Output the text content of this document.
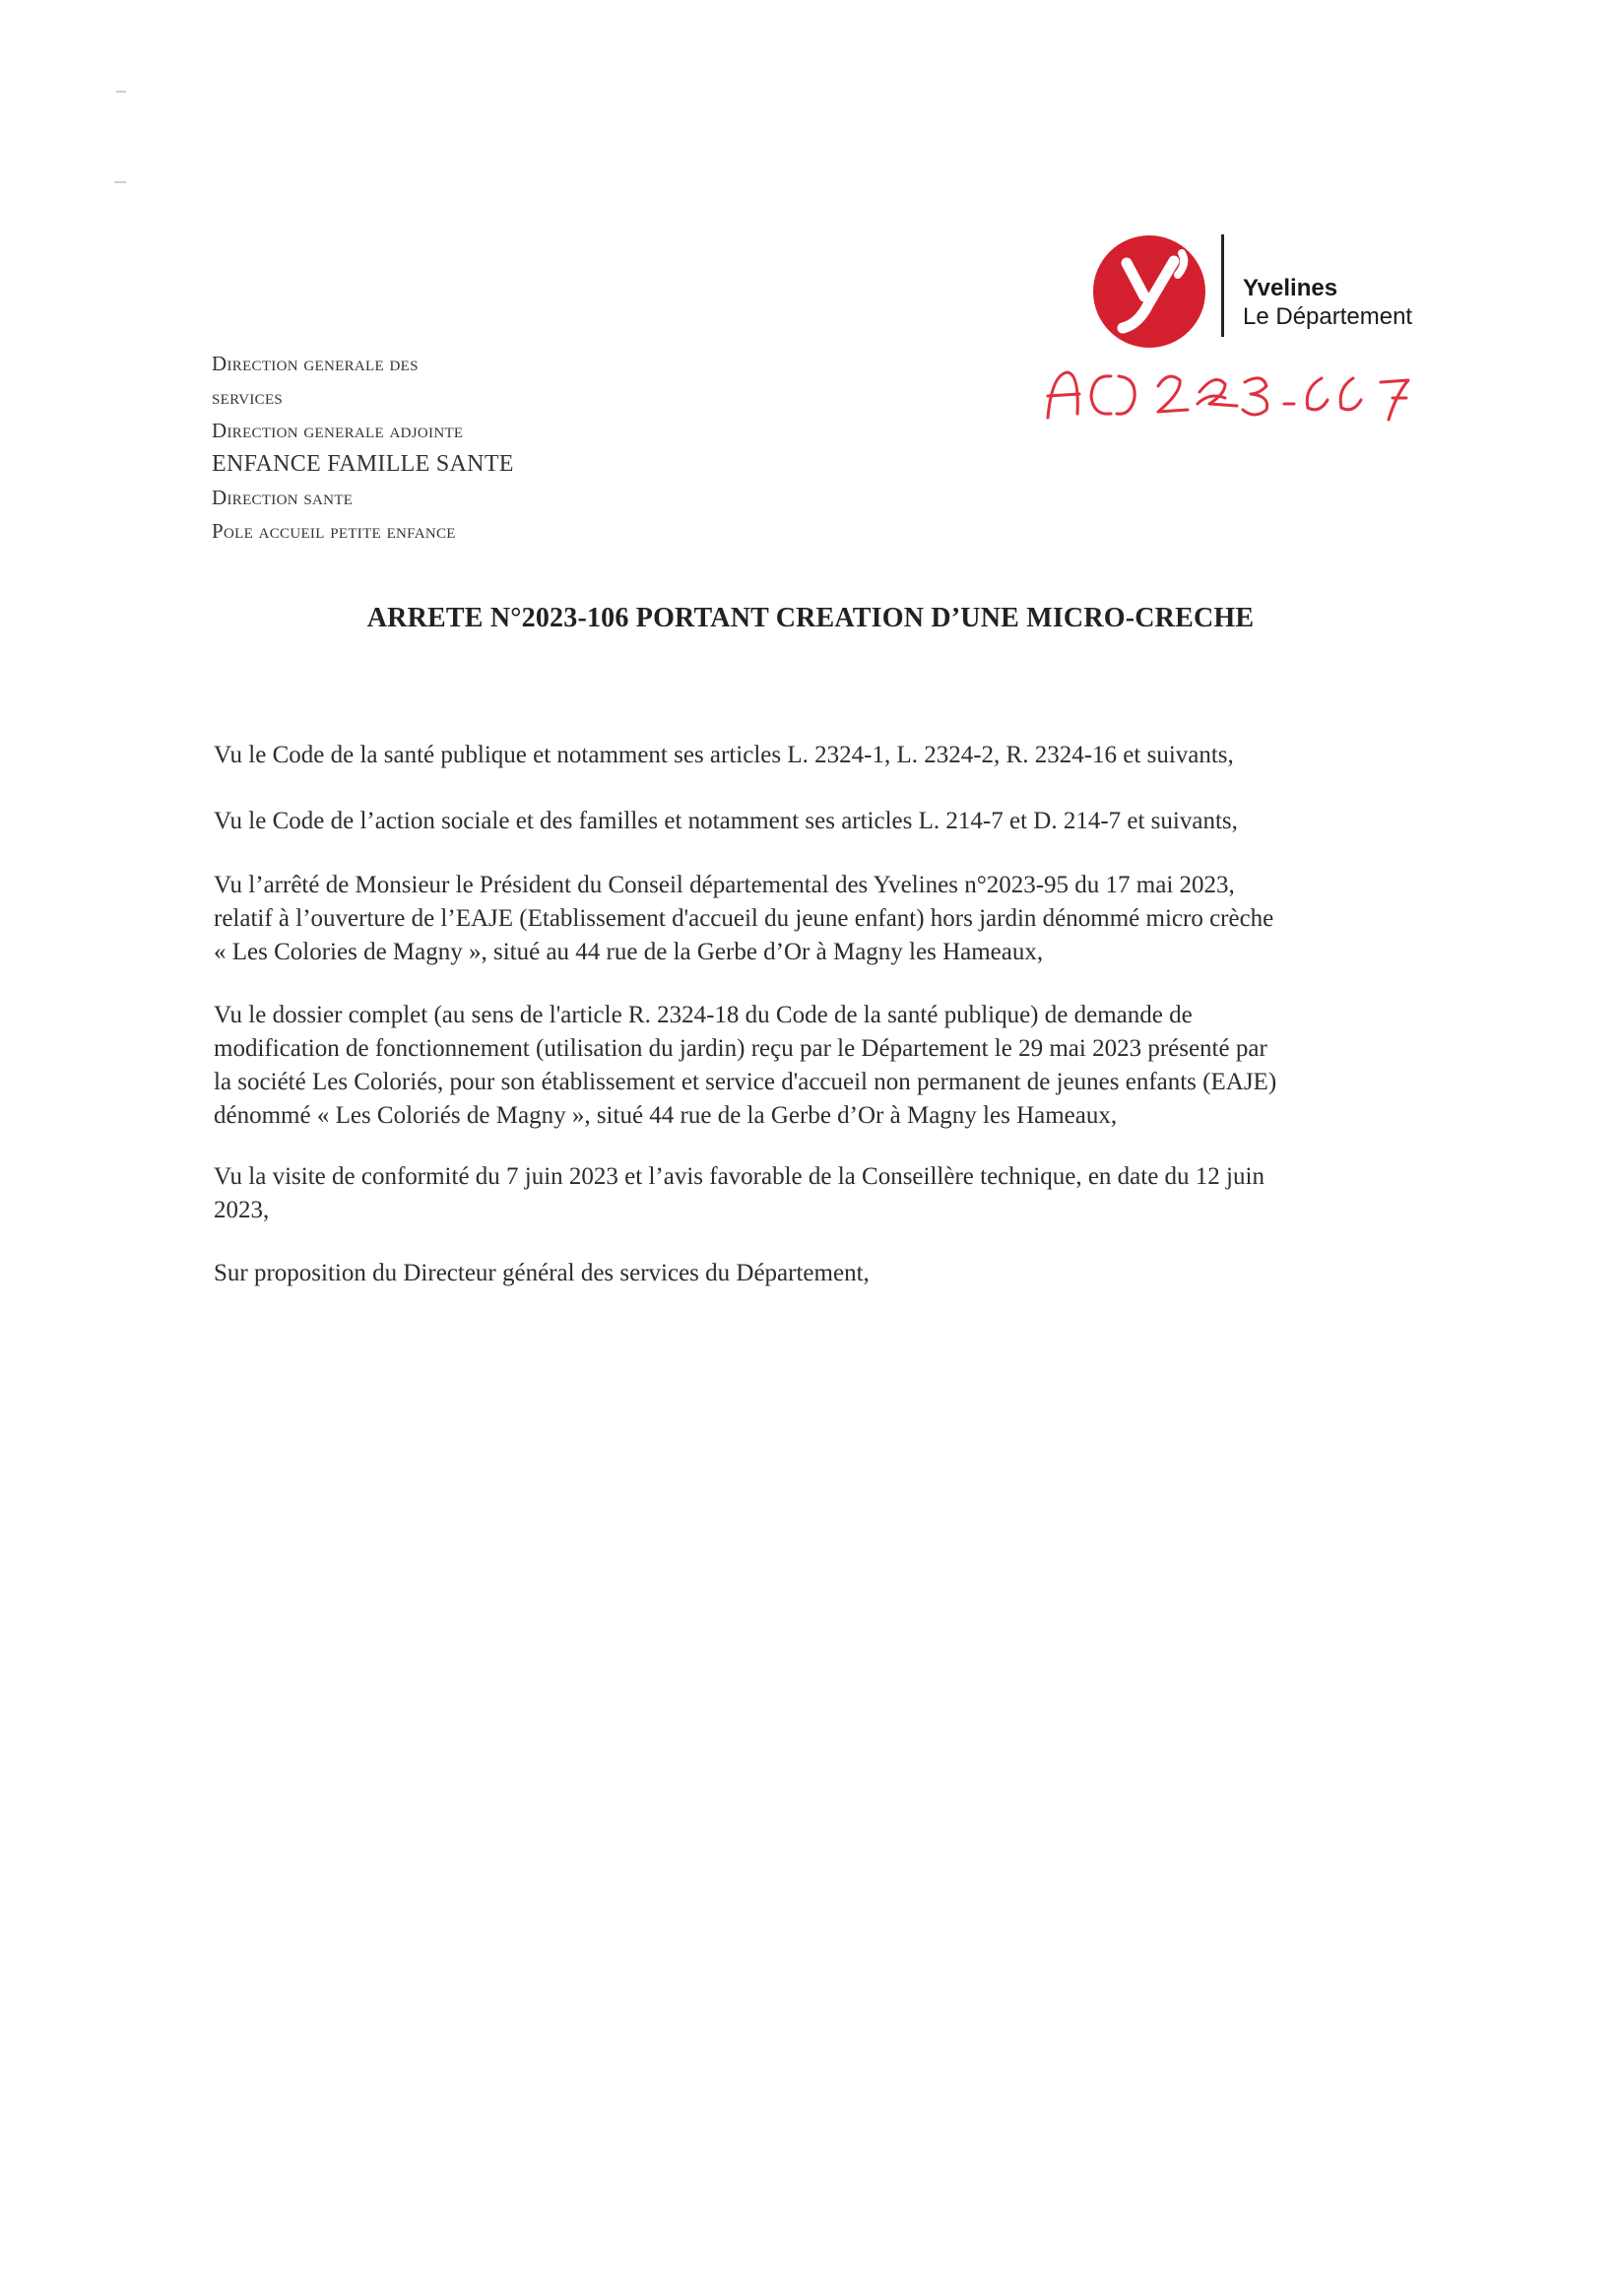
Yvelines
Le Département
Direction generale des
services
Direction generale adjointe
ENFANCE FAMILLE SANTE
Direction sante
Pole accueil petite enfance
ARRETE N°2023-106 PORTANT CREATION D’UNE MICRO-CRECHE
Vu le Code de la santé publique et notamment ses articles L. 2324-1, L. 2324-2, R. 2324-16 et suivants,
Vu le Code de l’action sociale et des familles et notamment ses articles L. 214-7 et D. 214-7 et suivants,
Vu l’arrêté de Monsieur le Président du Conseil départemental des Yvelines n°2023-95 du 17 mai 2023,
relatif à l’ouverture de l’EAJE (Etablissement d'accueil du jeune enfant) hors jardin dénommé micro crèche
« Les Colories de Magny », situé au 44 rue de la Gerbe d’Or à Magny les Hameaux,
Vu le dossier complet (au sens de l'article R. 2324-18 du Code de la santé publique) de demande de
modification de fonctionnement (utilisation du jardin) reçu par le Département le 29 mai 2023 présenté par
la société Les Coloriés, pour son établissement et service d'accueil non permanent de jeunes enfants (EAJE)
dénommé « Les Coloriés de Magny », situé 44 rue de la Gerbe d’Or à Magny les Hameaux,
Vu la visite de conformité du 7 juin 2023 et l’avis favorable de la Conseillère technique, en date du 12 juin
2023,
Sur proposition du Directeur général des services du Département,
